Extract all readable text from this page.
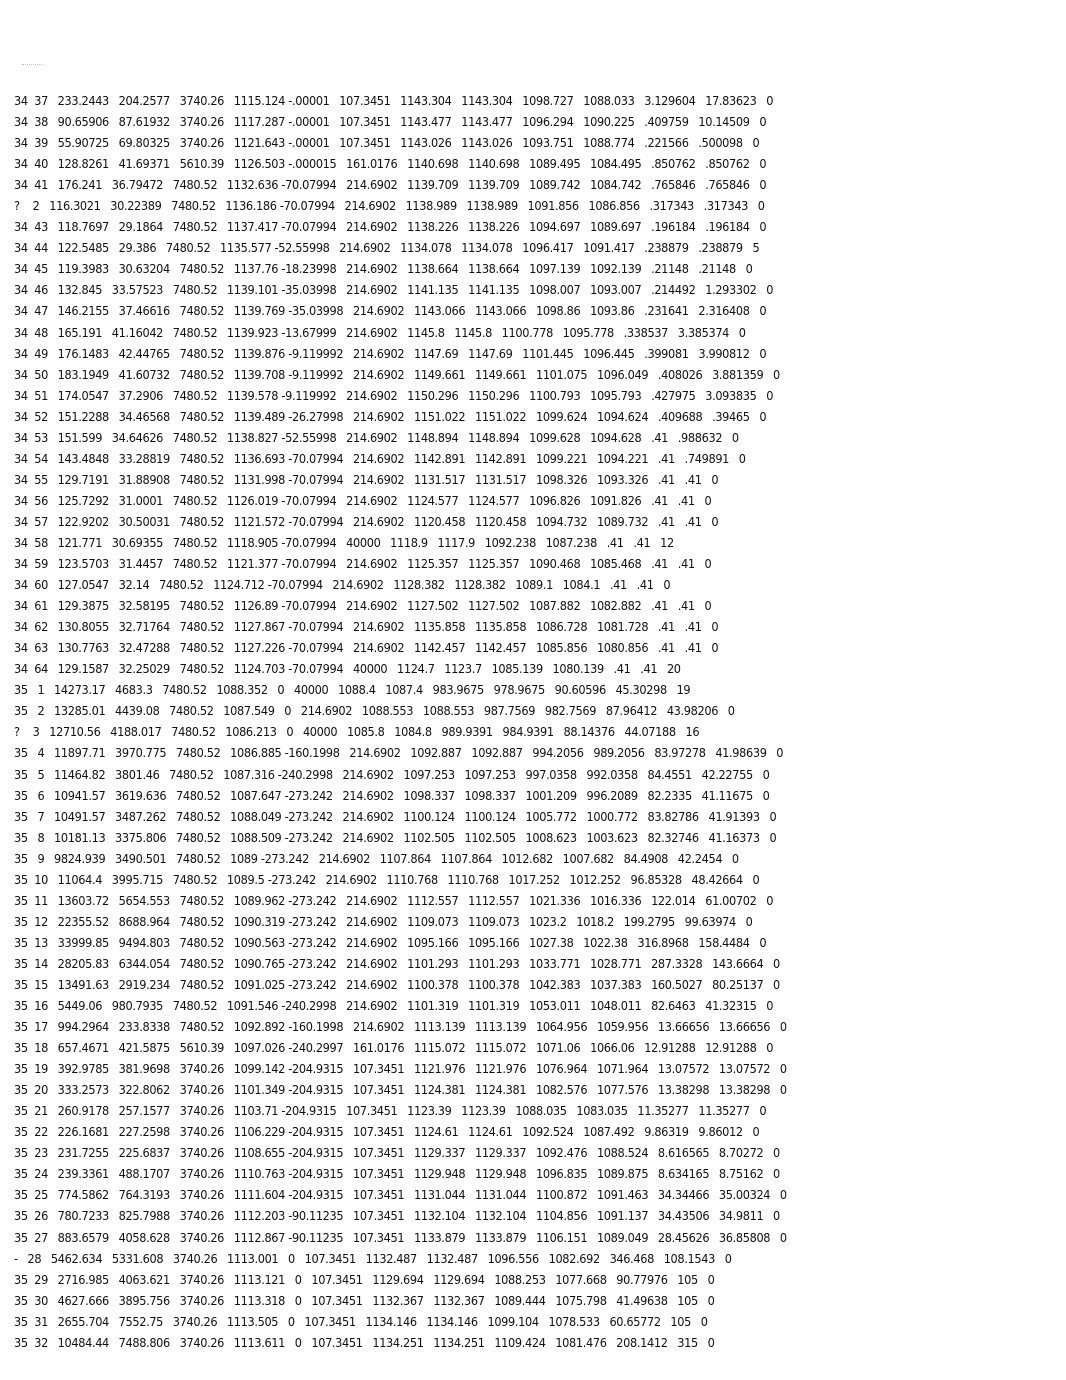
34  37   233.2443   204.2577   3740.26   1115.124 -.00001   107.3451   1143.304   1143.304   1098.727   1088.033   3.129604   17.83623   0
34  38   90.65906   87.61932   3740.26   1117.287 -.00001   107.3451   1143.477   1143.477   1096.294   1090.225   .409759   10.14509   0
34  39   55.90725   69.80325   3740.26   1121.643 -.00001   107.3451   1143.026   1143.026   1093.751   1088.774   .221566   .500098   0
34  40   128.8261   41.69371   5610.39   1126.503 -.000015   161.0176   1140.698   1140.698   1089.495   1084.495   .850762   .850762   0
34  41   176.241   36.79472   7480.52   1132.636 -70.07994   214.6902   1139.709   1139.709   1089.742   1084.742   .765846   .765846   0
?    2   116.3021   30.22389   7480.52   1136.186 -70.07994   214.6902   1138.989   1138.989   1091.856   1086.856   .317343   .317343   0
34  43   118.7697   29.1864   7480.52   1137.417 -70.07994   214.6902   1138.226   1138.226   1094.697   1089.697   .196184   .196184   0
34  44   122.5485   29.386   7480.52   1135.577 -52.55998   214.6902   1134.078   1134.078   1096.417   1091.417   .238879   .238879   5
34  45   119.3983   30.63204   7480.52   1137.76 -18.23998   214.6902   1138.664   1138.664   1097.139   1092.139   .21148   .21148   0
34  46   132.845   33.57523   7480.52   1139.101 -35.03998   214.6902   1141.135   1141.135   1098.007   1093.007   .214492   1.293302   0
34  47   146.2155   37.46616   7480.52   1139.769 -35.03998   214.6902   1143.066   1143.066   1098.86   1093.86   .231641   2.316408   0
34  48   165.191   41.16042   7480.52   1139.923 -13.67999   214.6902   1145.8   1145.8   1100.778   1095.778   .338537   3.385374   0
34  49   176.1483   42.44765   7480.52   1139.876 -9.119992   214.6902   1147.69   1147.69   1101.445   1096.445   .399081   3.990812   0
34  50   183.1949   41.60732   7480.52   1139.708 -9.119992   214.6902   1149.661   1149.661   1101.075   1096.049   .408026   3.881359   0
34  51   174.0547   37.2906   7480.52   1139.578 -9.119992   214.6902   1150.296   1150.296   1100.793   1095.793   .427975   3.093835   0
34  52   151.2288   34.46568   7480.52   1139.489 -26.27998   214.6902   1151.022   1151.022   1099.624   1094.624   .409688   .39465   0
34  53   151.599   34.64626   7480.52   1138.827 -52.55998   214.6902   1148.894   1148.894   1099.628   1094.628   .41   .988632   0
34  54   143.4848   33.28819   7480.52   1136.693 -70.07994   214.6902   1142.891   1142.891   1099.221   1094.221   .41   .749891   0
34  55   129.7191   31.88908   7480.52   1131.998 -70.07994   214.6902   1131.517   1131.517   1098.326   1093.326   .41   .41   0
34  56   125.7292   31.0001   7480.52   1126.019 -70.07994   214.6902   1124.577   1124.577   1096.826   1091.826   .41   .41   0
34  57   122.9202   30.50031   7480.52   1121.572 -70.07994   214.6902   1120.458   1120.458   1094.732   1089.732   .41   .41   0
34  58   121.771   30.69355   7480.52   1118.905 -70.07994   40000   1118.9   1117.9   1092.238   1087.238   .41   .41   12
34  59   123.5703   31.4457   7480.52   1121.377 -70.07994   214.6902   1125.357   1125.357   1090.468   1085.468   .41   .41   0
34  60   127.0547   32.14   7480.52   1124.712 -70.07994   214.6902   1128.382   1128.382   1089.1   1084.1   .41   .41   0
34  61   129.3875   32.58195   7480.52   1126.89 -70.07994   214.6902   1127.502   1127.502   1087.882   1082.882   .41   .41   0
34  62   130.8055   32.71764   7480.52   1127.867 -70.07994   214.6902   1135.858   1135.858   1086.728   1081.728   .41   .41   0
34  63   130.7763   32.47288   7480.52   1127.226 -70.07994   214.6902   1142.457   1142.457   1085.856   1080.856   .41   .41   0
34  64   129.1587   32.25029   7480.52   1124.703 -70.07994   40000   1124.7   1123.7   1085.139   1080.139   .41   .41   20
35   1   14273.17   4683.3   7480.52   1088.352   0   40000   1088.4   1087.4   983.9675   978.9675   90.60596   45.30298   19
35   2   13285.01   4439.08   7480.52   1087.549   0   214.6902   1088.553   1088.553   987.7569   982.7569   87.96412   43.98206   0
?    3   12710.56   4188.017   7480.52   1086.213   0   40000   1085.8   1084.8   989.9391   984.9391   88.14376   44.07188   16
35   4   11897.71   3970.775   7480.52   1086.885 -160.1998   214.6902   1092.887   1092.887   994.2056   989.2056   83.97278   41.98639   0
35   5   11464.82   3801.46   7480.52   1087.316 -240.2998   214.6902   1097.253   1097.253   997.0358   992.0358   84.4551   42.22755   0
35   6   10941.57   3619.636   7480.52   1087.647 -273.242   214.6902   1098.337   1098.337   1001.209   996.2089   82.2335   41.11675   0
35   7   10491.57   3487.262   7480.52   1088.049 -273.242   214.6902   1100.124   1100.124   1005.772   1000.772   83.82786   41.91393   0
35   8   10181.13   3375.806   7480.52   1088.509 -273.242   214.6902   1102.505   1102.505   1008.623   1003.623   82.32746   41.16373   0
35   9   9824.939   3490.501   7480.52   1089 -273.242   214.6902   1107.864   1107.864   1012.682   1007.682   84.4908   42.2454   0
35  10   11064.4   3995.715   7480.52   1089.5 -273.242   214.6902   1110.768   1110.768   1017.252   1012.252   96.85328   48.42664   0
35  11   13603.72   5654.553   7480.52   1089.962 -273.242   214.6902   1112.557   1112.557   1021.336   1016.336   122.014   61.00702   0
35  12   22355.52   8688.964   7480.52   1090.319 -273.242   214.6902   1109.073   1109.073   1023.2   1018.2   199.2795   99.63974   0
35  13   33999.85   9494.803   7480.52   1090.563 -273.242   214.6902   1095.166   1095.166   1027.38   1022.38   316.8968   158.4484   0
35  14   28205.83   6344.054   7480.52   1090.765 -273.242   214.6902   1101.293   1101.293   1033.771   1028.771   287.3328   143.6664   0
35  15   13491.63   2919.234   7480.52   1091.025 -273.242   214.6902   1100.378   1100.378   1042.383   1037.383   160.5027   80.25137   0
35  16   5449.06   980.7935   7480.52   1091.546 -240.2998   214.6902   1101.319   1101.319   1053.011   1048.011   82.6463   41.32315   0
35  17   994.2964   233.8338   7480.52   1092.892 -160.1998   214.6902   1113.139   1113.139   1064.956   1059.956   13.66656   13.66656   0
35  18   657.4671   421.5875   5610.39   1097.026 -240.2997   161.0176   1115.072   1115.072   1071.06   1066.06   12.91288   12.91288   0
35  19   392.9785   381.9698   3740.26   1099.142 -204.9315   107.3451   1121.976   1121.976   1076.964   1071.964   13.07572   13.07572   0
35  20   333.2573   322.8062   3740.26   1101.349 -204.9315   107.3451   1124.381   1124.381   1082.576   1077.576   13.38298   13.38298   0
35  21   260.9178   257.1577   3740.26   1103.71 -204.9315   107.3451   1123.39   1123.39   1088.035   1083.035   11.35277   11.35277   0
35  22   226.1681   227.2598   3740.26   1106.229 -204.9315   107.3451   1124.61   1124.61   1092.524   1087.492   9.86319   9.86012   0
35  23   231.7255   225.6837   3740.26   1108.655 -204.9315   107.3451   1129.337   1129.337   1092.476   1088.524   8.616565   8.70272   0
35  24   239.3361   488.1707   3740.26   1110.763 -204.9315   107.3451   1129.948   1129.948   1096.835   1089.875   8.634165   8.75162   0
35  25   774.5862   764.3193   3740.26   1111.604 -204.9315   107.3451   1131.044   1131.044   1100.872   1091.463   34.34466   35.00324   0
35  26   780.7233   825.7988   3740.26   1112.203 -90.11235   107.3451   1132.104   1132.104   1104.856   1091.137   34.43506   34.9811   0
35  27   883.6579   4058.628   3740.26   1112.867 -90.11235   107.3451   1133.879   1133.879   1106.151   1089.049   28.45626   36.85808   0
-   28   5462.634   5331.608   3740.26   1113.001   0   107.3451   1132.487   1132.487   1096.556   1082.692   346.468   108.1543   0
35  29   2716.985   4063.621   3740.26   1113.121   0   107.3451   1129.694   1129.694   1088.253   1077.668   90.77976   105   0
35  30   4627.666   3895.756   3740.26   1113.318   0   107.3451   1132.367   1132.367   1089.444   1075.798   41.49638   105   0
35  31   2655.704   7552.75   3740.26   1113.505   0   107.3451   1134.146   1134.146   1099.104   1078.533   60.65772   105   0
35  32   10484.44   7488.806   3740.26   1113.611   0   107.3451   1134.251   1134.251   1109.424   1081.476   208.1412   315   0
